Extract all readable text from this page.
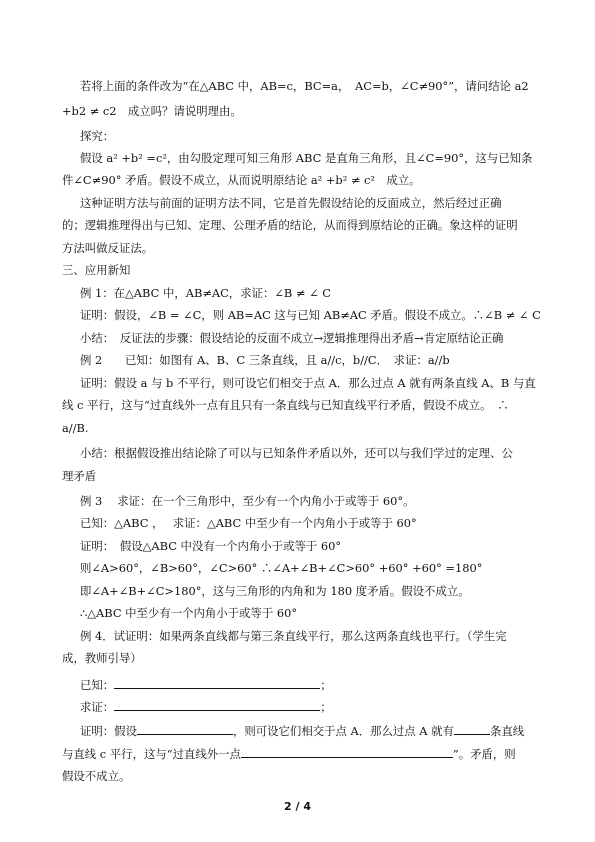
若将上面的条件改为“在△ABC 中，AB=c，BC=a，　AC=b，∠C≠90°”，请问结论 a2
+b2 ≠ c2　成立吗？请说明理由。
探究：
假设 a² +b² =c²，由勾股定理可知三角形 ABC 是直角三角形，且∠C=90°，这与已知条
件∠C≠90° 矛盾。假设不成立，从而说明原结论 a² +b² ≠ c²　成立。
这种证明方法与前面的证明方法不同，它是首先假设结论的反面成立，然后经过正确
的；逻辑推理得出与已知、定理、公理矛盾的结论，从而得到原结论的正确。象这样的证明
方法叫做反证法。
三、应用新知
例 1：在△ABC 中，AB≠AC，求证：∠B ≠ ∠ C
证明：假设，∠B = ∠C，则 AB=AC 这与已知 AB≠AC 矛盾。假设不成立。∴∠B ≠ ∠ C
小结：　反证法的步骤：假设结论的反面不成立→逻辑推理得出矛盾→肯定原结论正确
例 2　　已知：如图有 A、B、C 三条直线，且 a//c，b//C．　求证：a//b
证明：假设 a 与 b 不平行，则可设它们相交于点 A．那么过点 A 就有两条直线 A、B 与直
线 c 平行，这与“过直线外一点有且只有一条直线与已知直线平行矛盾，假设不成立。　∴
a//B.
小结：根据假设推出结论除了可以与已知条件矛盾以外，还可以与我们学过的定理、公
理矛盾
例 3　 求证：在一个三角形中，至少有一个内角小于或等于 60°。
已知：△ABC ，　 求证：△ABC 中至少有一个内角小于或等于 60°
证明：　假设△ABC 中没有一个内角小于或等于 60°
则∠A>60°，∠B>60°，∠C>60° ∴∠A+∠B+∠C>60° +60° +60° =180°
即∠A+∠B+∠C>180°，这与三角形的内角和为 180 度矛盾。假设不成立。
∴△ABC 中至少有一个内角小于或等于 60°
例 4．试证明：如果两条直线都与第三条直线平行，那么这两条直线也平行。（学生完
成，教师引导）
已知：	；
求证：	；
证明：假设	，则可设它们相交于点 A．那么过点 A 就有	条直线
与直线 c 平行，这与“过直线外一点	”。矛盾，则
假设不成立。
2 / 4
